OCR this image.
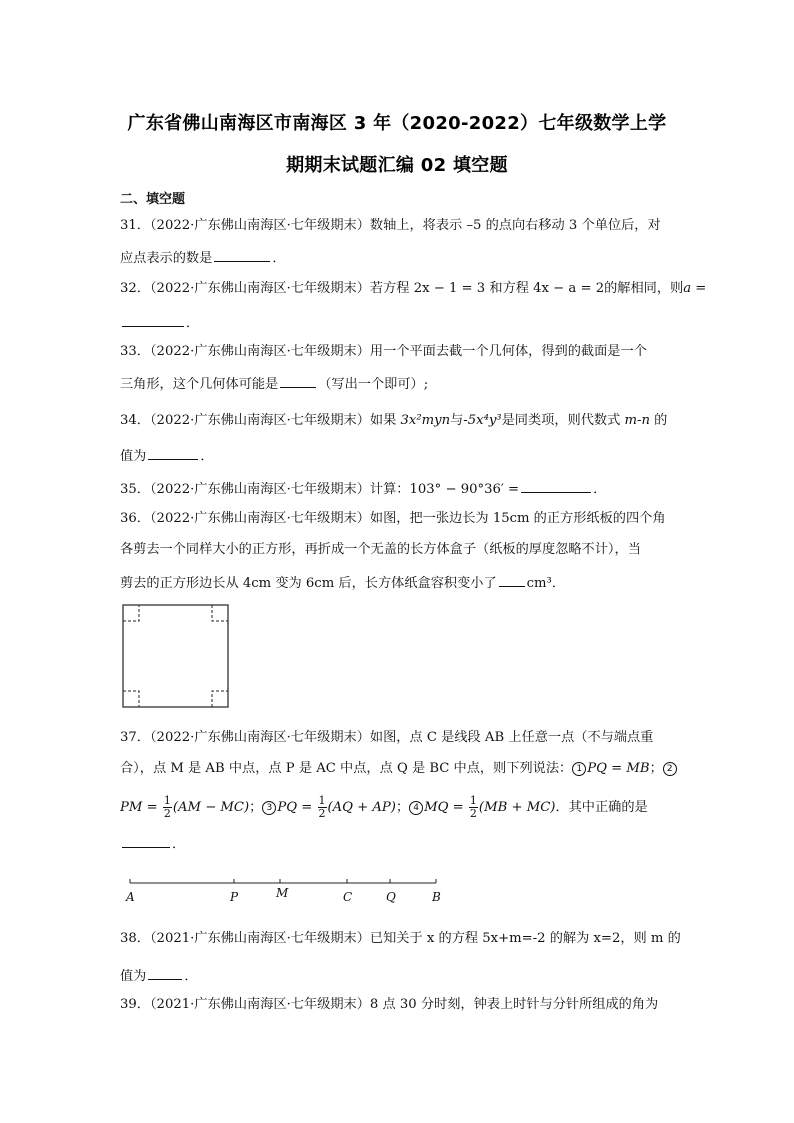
广东省佛山南海区市南海区 3 年（2020-2022）七年级数学上学
期期末试题汇编 02 填空题
二、填空题
31．（2022·广东佛山南海区·七年级期末）数轴上，将表示 –5 的点向右移动 3 个单位后，对
应点表示的数是	．
32．（2022·广东佛山南海区·七年级期末）若方程 2x − 1 = 3 和方程 4x − a = 2的解相同，则a =
．
33．（2022·广东佛山南海区·七年级期末）用一个平面去截一个几何体，得到的截面是一个
三角形，这个几何体可能是	（写出一个即可）;
34．（2022·广东佛山南海区·七年级期末）如果 3x²myn与-5x⁴y³是同类项，则代数式 m-n 的
值为	．
35．（2022·广东佛山南海区·七年级期末）计算：103° − 90°36′ =	．
36．（2022·广东佛山南海区·七年级期末）如图，把一张边长为 15cm 的正方形纸板的四个角
各剪去一个同样大小的正方形，再折成一个无盖的长方体盒子（纸板的厚度忽略不计），当
剪去的正方形边长从 4cm 变为 6cm 后，长方体纸盒容积变小了 cm³．
37．（2022·广东佛山南海区·七年级期末）如图，点 C 是线段 AB 上任意一点（不与端点重
合），点 M 是 AB 中点，点 P 是 AC 中点，点 Q 是 BC 中点，则下列说法： 1 PQ = MB； 2
PM = $\frac{1}{2} (AM - MC)$； 3 PQ = $\frac{1}{2} (AQ + AP)$； 4 MQ = $\frac{1}{2} (MB + MC)$．其中正确的是
．
A	P	M	C	Q	B
38．（2021·广东佛山南海区·七年级期末）已知关于 x 的方程 5x+m=-2 的解为 x=2，则 m 的
值为	．
39．（2021·广东佛山南海区·七年级期末）8 点 30 分时刻，钟表上时针与分针所组成的角为
